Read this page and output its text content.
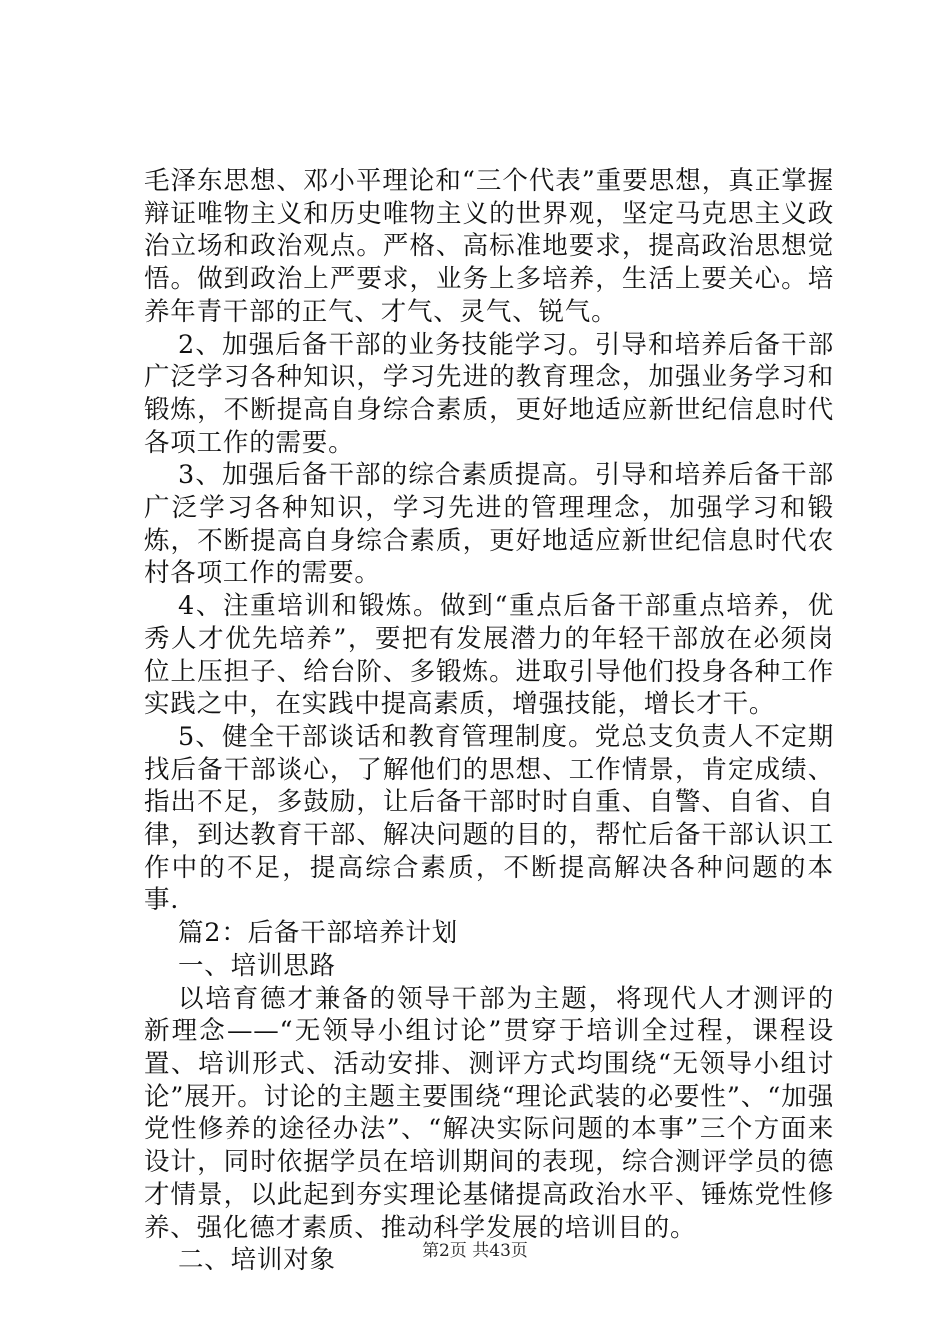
毛泽东思想、邓小平理论和“三个代表”重要思想，真正掌握辩证唯物主义和历史唯物主义的世界观，坚定马克思主义政治立场和政治观点。严格、高标准地要求，提高政治思想觉悟。做到政治上严要求，业务上多培养，生活上要关心。培养年青干部的正气、才气、灵气、锐气。

2、加强后备干部的业务技能学习。引导和培养后备干部广泛学习各种知识，学习先进的教育理念，加强业务学习和锻炼，不断提高自身综合素质，更好地适应新世纪信息时代各项工作的需要。

3、加强后备干部的综合素质提高。引导和培养后备干部广泛学习各种知识，学习先进的管理理念，加强学习和锻炼，不断提高自身综合素质，更好地适应新世纪信息时代农村各项工作的需要。

4、注重培训和锻炼。做到“重点后备干部重点培养，优秀人才优先培养”，要把有发展潜力的年轻干部放在必须岗位上压担子、给台阶、多锻炼。进取引导他们投身各种工作实践之中，在实践中提高素质，增强技能，增长才干。

5、健全干部谈话和教育管理制度。党总支负责人不定期找后备干部谈心，了解他们的思想、工作情景，肯定成绩、指出不足，多鼓励，让后备干部时时自重、自警、自省、自律，到达教育干部、解决问题的目的，帮忙后备干部认识工作中的不足，提高综合素质，不断提高解决各种问题的本事.

篇2：后备干部培养计划

一、培训思路

以培育德才兼备的领导干部为主题，将现代人才测评的新理念——“无领导小组讨论”贯穿于培训全过程，课程设置、培训形式、活动安排、测评方式均围绕“无领导小组讨论”展开。讨论的主题主要围绕“理论武装的必要性”、“加强党性修养的途径办法”、“解决实际问题的本事”三个方面来设计，同时依据学员在培训期间的表现，综合测评学员的德才情景，以此起到夯实理论基储提高政治水平、锤炼党性修养、强化德才素质、推动科学发展的培训目的。

二、培训对象	第2页 共43页
